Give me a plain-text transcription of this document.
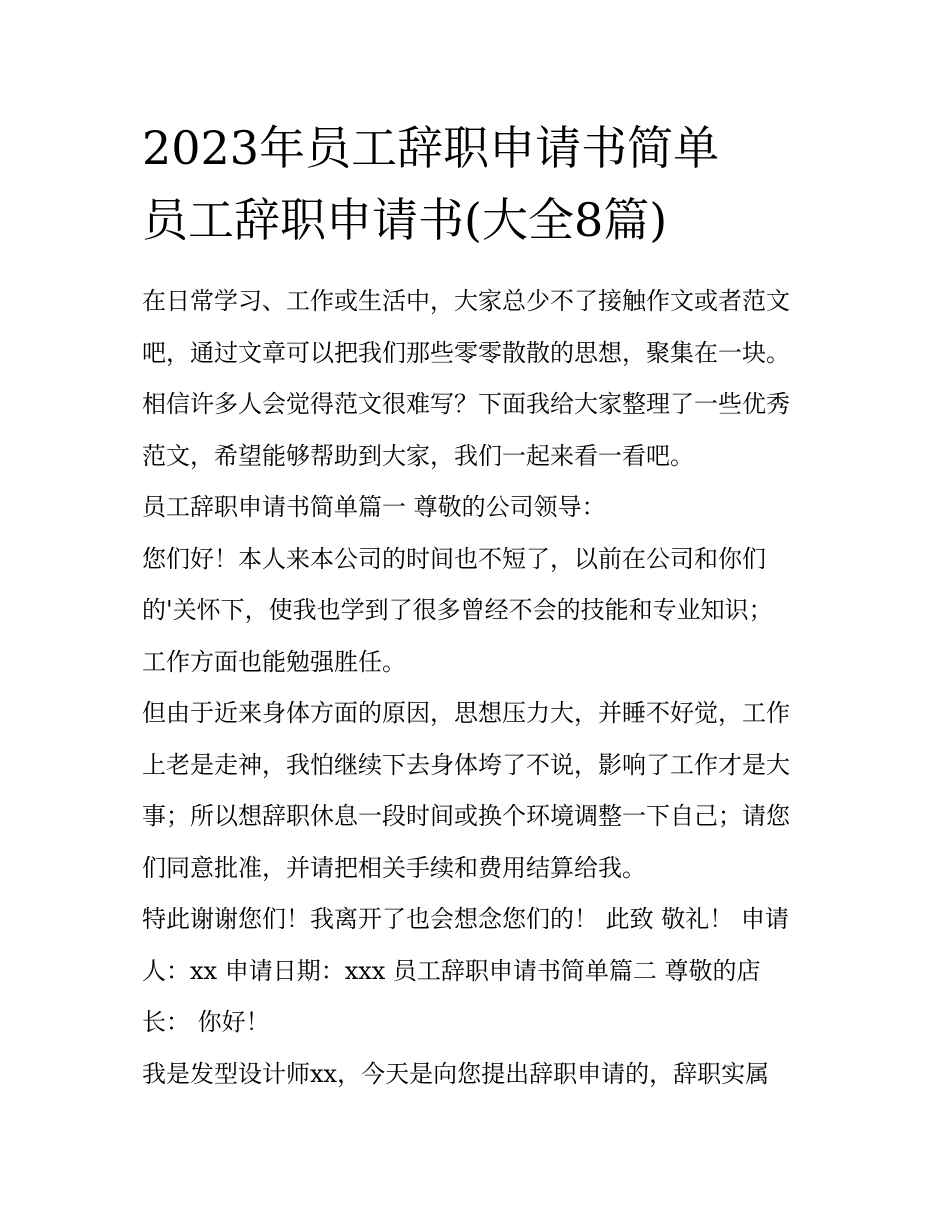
2023年员工辞职申请书简单
员工辞职申请书(大全8篇)
在日常学习、工作或生活中，大家总少不了接触作文或者范文
吧，通过文章可以把我们那些零零散散的思想，聚集在一块。
相信许多人会觉得范文很难写？下面我给大家整理了一些优秀
范文，希望能够帮助到大家，我们一起来看一看吧。
员工辞职申请书简单篇一 尊敬的公司领导：
您们好！本人来本公司的时间也不短了，以前在公司和你们
的'关怀下，使我也学到了很多曾经不会的技能和专业知识；
工作方面也能勉强胜任。
但由于近来身体方面的原因，思想压力大，并睡不好觉，工作
上老是走神，我怕继续下去身体垮了不说，影响了工作才是大
事；所以想辞职休息一段时间或换个环境调整一下自己；请您
们同意批准，并请把相关手续和费用结算给我。
特此谢谢您们！我离开了也会想念您们的！ 此致 敬礼！ 申请
人：xx 申请日期：xxx 员工辞职申请书简单篇二 尊敬的店
长： 你好！
我是发型设计师xx，今天是向您提出辞职申请的，辞职实属
